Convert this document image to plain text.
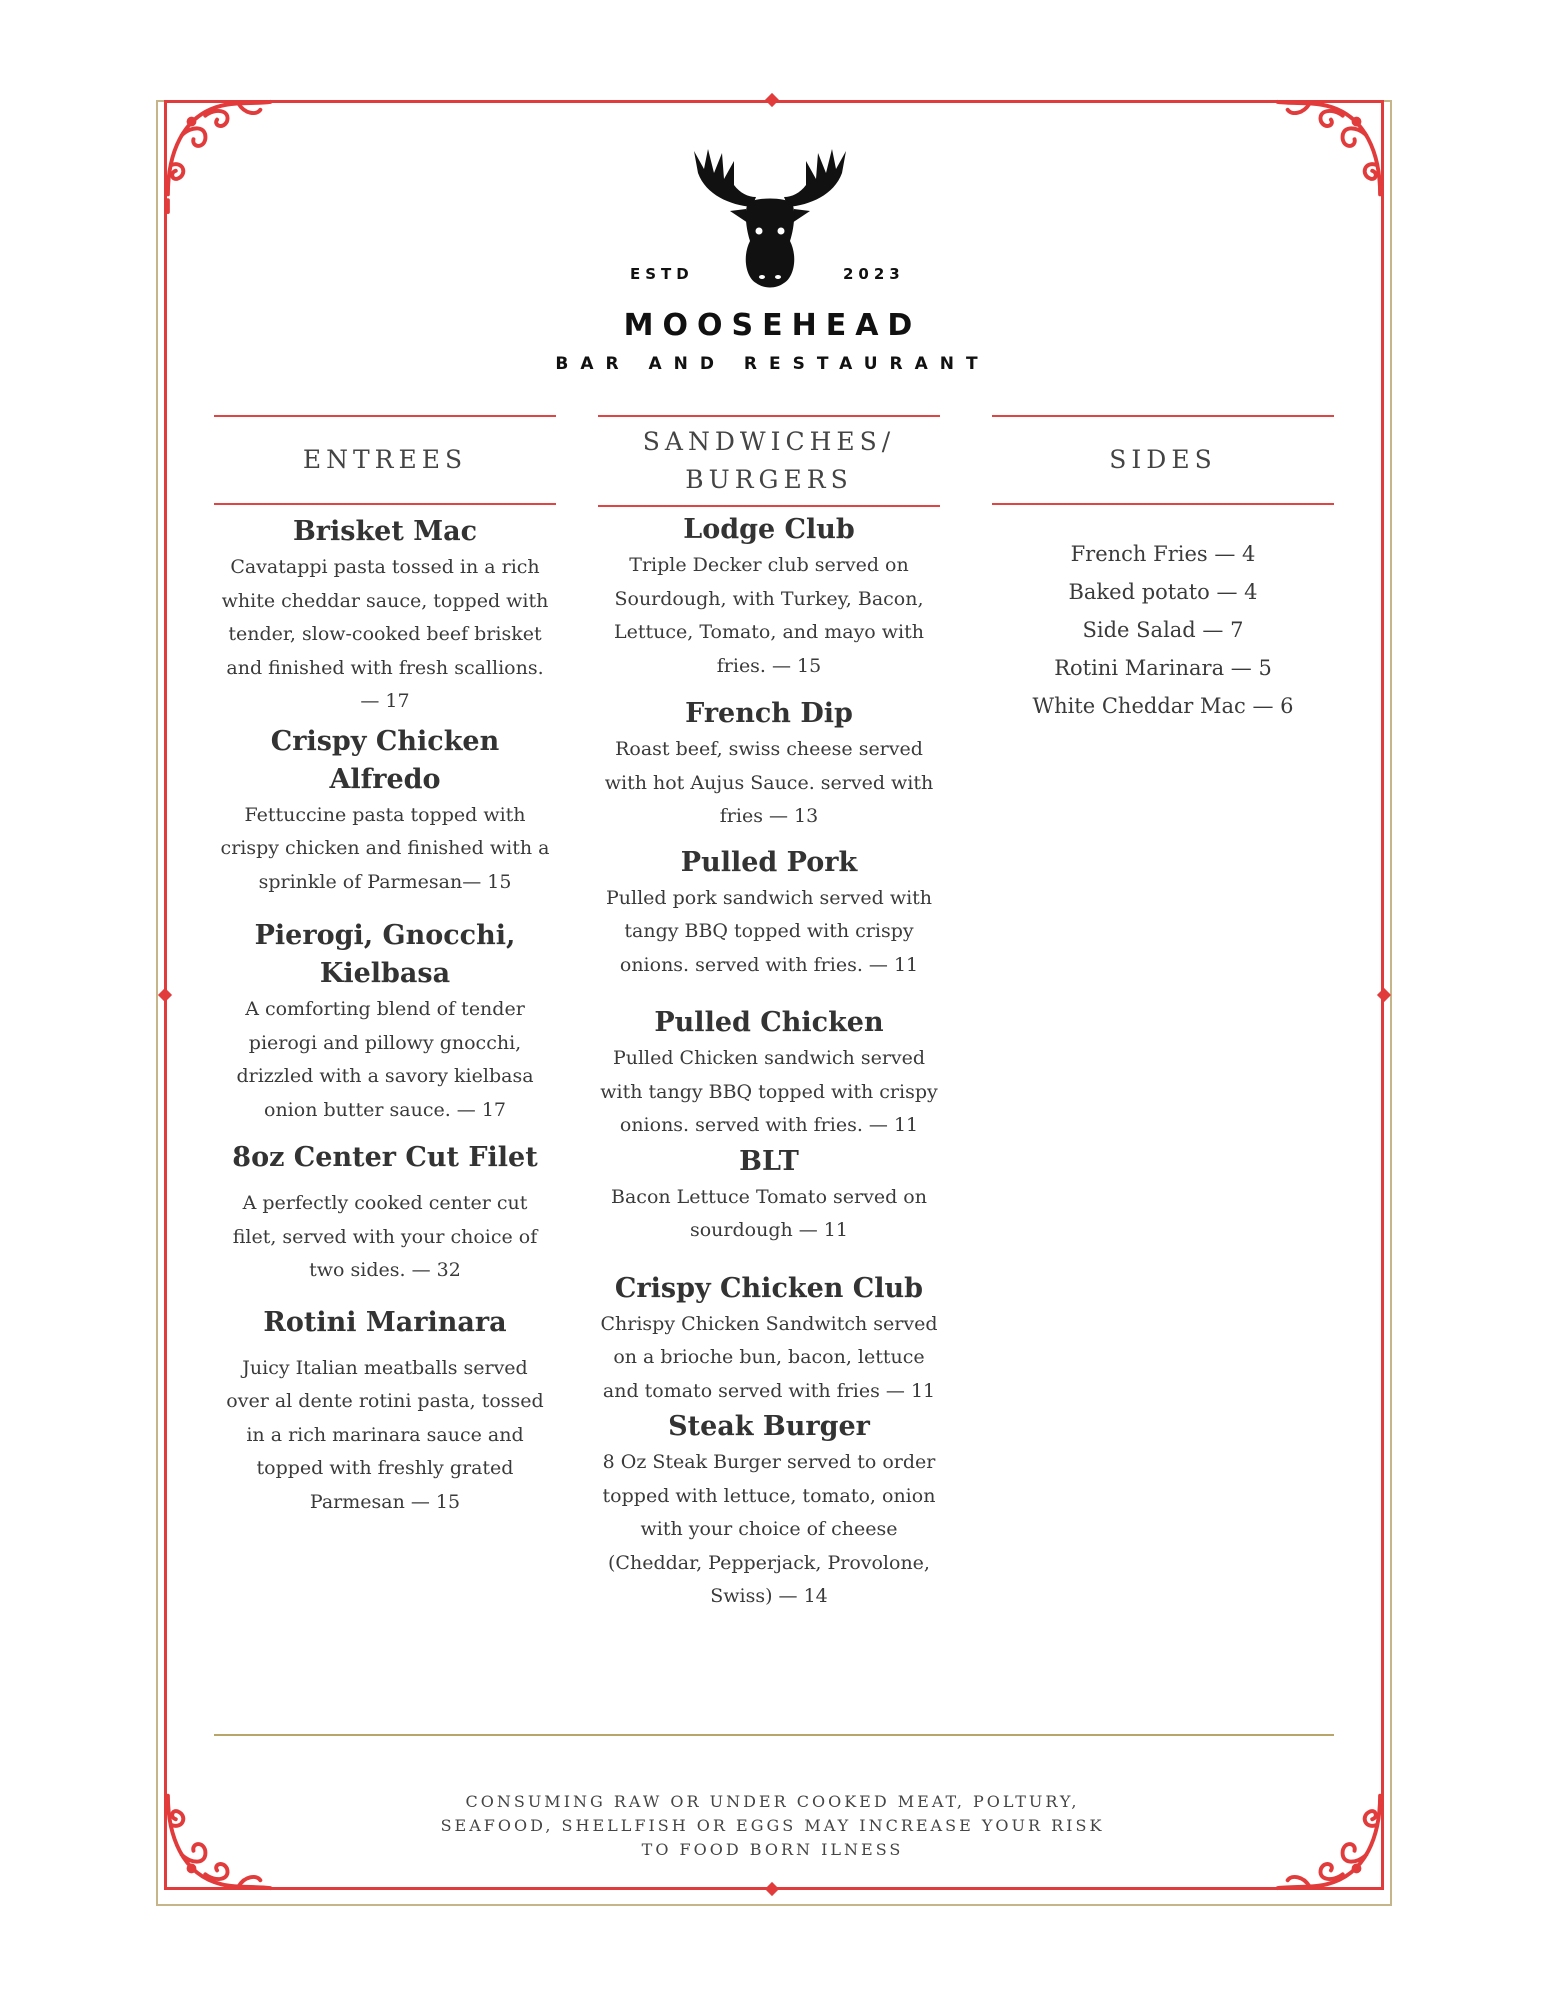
ESTD	2023
MOOSEHEAD
BAR AND RESTAURANT
ENTREES
Brisket Mac
Cavatappi pasta tossed in a rich white cheddar sauce, topped with tender, slow-cooked beef brisket and finished with fresh scallions. — 17
Crispy Chicken Alfredo
Fettuccine pasta topped with crispy chicken and finished with a sprinkle of Parmesan— 15
Pierogi, Gnocchi, Kielbasa
A comforting blend of tender pierogi and pillowy gnocchi, drizzled with a savory kielbasa onion butter sauce. — 17
8oz Center Cut Filet
A perfectly cooked center cut filet, served with your choice of two sides. — 32
Rotini Marinara
Juicy Italian meatballs served over al dente rotini pasta, tossed in a rich marinara sauce and topped with freshly grated Parmesan — 15
SANDWICHES/
BURGERS
Lodge Club
Triple Decker club served on Sourdough, with Turkey, Bacon, Lettuce, Tomato, and mayo with fries. — 15
French Dip
Roast beef, swiss cheese served with hot Aujus Sauce. served with fries — 13
Pulled Pork
Pulled pork sandwich served with tangy BBQ topped with crispy onions. served with fries. — 11
Pulled Chicken
Pulled Chicken sandwich served with tangy BBQ topped with crispy onions. served with fries. — 11
BLT
Bacon Lettuce Tomato served on sourdough — 11
Crispy Chicken Club
Chrispy Chicken Sandwitch served on a brioche bun, bacon, lettuce and tomato served with fries — 11
Steak Burger
8 Oz Steak Burger served to order topped with lettuce, tomato, onion with your choice of cheese (Cheddar, Pepperjack, Provolone, Swiss) — 14
SIDES
French Fries — 4
Baked potato — 4
Side Salad — 7
Rotini Marinara — 5
White Cheddar Mac — 6
CONSUMING RAW OR UNDER COOKED MEAT, POLTURY,
SEAFOOD, SHELLFISH OR EGGS MAY INCREASE YOUR RISK
TO FOOD BORN ILNESS
